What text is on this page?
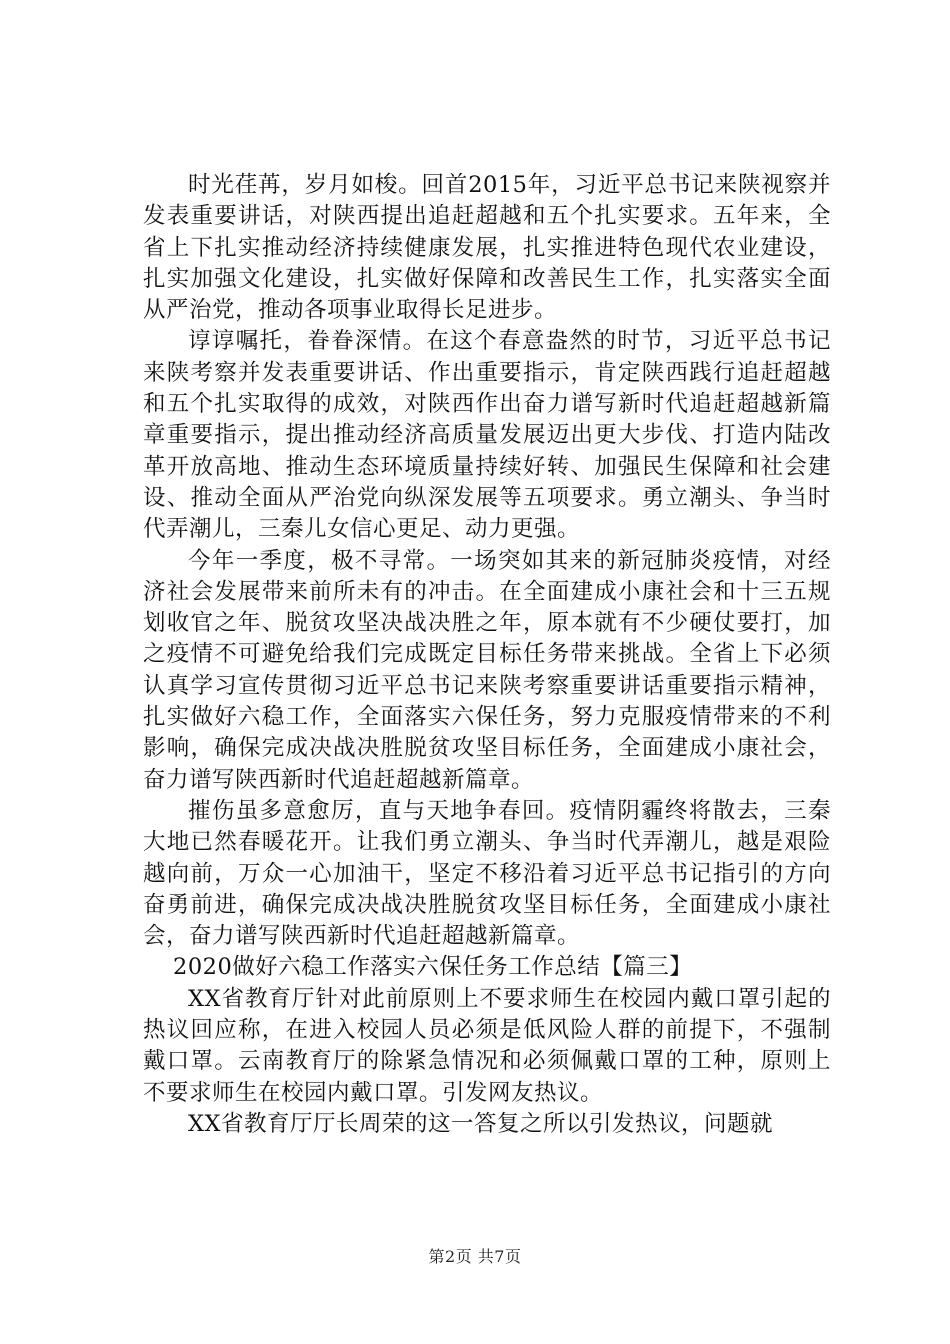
时光荏苒，岁月如梭。回首2015年，习近平总书记来陕视察并发表重要讲话，对陕西提出追赶超越和五个扎实要求。五年来，全省上下扎实推动经济持续健康发展，扎实推进特色现代农业建设，扎实加强文化建设，扎实做好保障和改善民生工作，扎实落实全面从严治党，推动各项事业取得长足进步。

谆谆嘱托，眷眷深情。在这个春意盎然的时节，习近平总书记来陕考察并发表重要讲话、作出重要指示，肯定陕西践行追赶超越和五个扎实取得的成效，对陕西作出奋力谱写新时代追赶超越新篇章重要指示，提出推动经济高质量发展迈出更大步伐、打造内陆改革开放高地、推动生态环境质量持续好转、加强民生保障和社会建设、推动全面从严治党向纵深发展等五项要求。勇立潮头、争当时代弄潮儿，三秦儿女信心更足、动力更强。

今年一季度，极不寻常。一场突如其来的新冠肺炎疫情，对经济社会发展带来前所未有的冲击。在全面建成小康社会和十三五规划收官之年、脱贫攻坚决战决胜之年，原本就有不少硬仗要打，加之疫情不可避免给我们完成既定目标任务带来挑战。全省上下必须认真学习宣传贯彻习近平总书记来陕考察重要讲话重要指示精神，扎实做好六稳工作，全面落实六保任务，努力克服疫情带来的不利影响，确保完成决战决胜脱贫攻坚目标任务，全面建成小康社会，奋力谱写陕西新时代追赶超越新篇章。

摧伤虽多意愈厉，直与天地争春回。疫情阴霾终将散去，三秦大地已然春暖花开。让我们勇立潮头、争当时代弄潮儿，越是艰险越向前，万众一心加油干，坚定不移沿着习近平总书记指引的方向奋勇前进，确保完成决战决胜脱贫攻坚目标任务，全面建成小康社会，奋力谱写陕西新时代追赶超越新篇章。

2020做好六稳工作落实六保任务工作总结【篇三】

XX省教育厅针对此前原则上不要求师生在校园内戴口罩引起的热议回应称，在进入校园人员必须是低风险人群的前提下，不强制戴口罩。云南教育厅的除紧急情况和必须佩戴口罩的工种，原则上不要求师生在校园内戴口罩。引发网友热议。

XX省教育厅厅长周荣的这一答复之所以引发热议，问题就

第2页 共7页
